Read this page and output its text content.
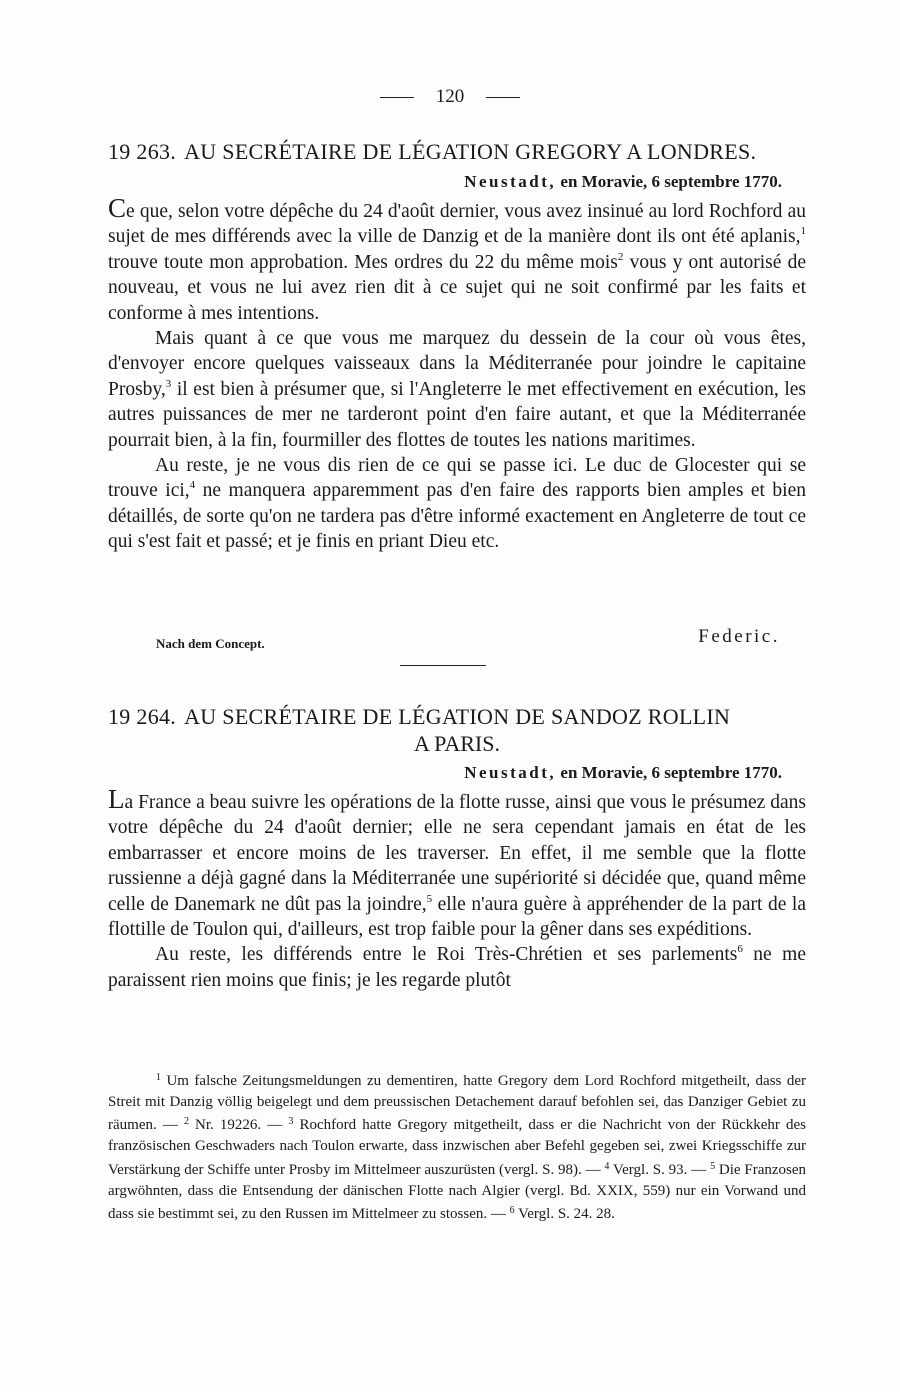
120
19 263. AU SECRÉTAIRE DE LÉGATION GREGORY A LONDRES.
Neustadt, en Moravie, 6 septembre 1770.

Ce que, selon votre dépêche du 24 d'août dernier, vous avez insinué au lord Rochford au sujet de mes différends avec la ville de Danzig et de la manière dont ils ont été aplanis,$^1$ trouve toute mon approbation. Mes ordres du 22 du même mois$^2$ vous y ont autorisé de nouveau, et vous ne lui avez rien dit à ce sujet qui ne soit confirmé par les faits et conforme à mes intentions.

Mais quant à ce que vous me marquez du dessein de la cour où vous êtes, d'envoyer encore quelques vaisseaux dans la Méditerranée pour joindre le capitaine Prosby,$^3$ il est bien à présumer que, si l'Angleterre le met effectivement en exécution, les autres puissances de mer ne tarderont point d'en faire autant, et que la Méditerranée pourrait bien, à la fin, fourmiller des flottes de toutes les nations maritimes.

Au reste, je ne vous dis rien de ce qui se passe ici. Le duc de Glocester qui se trouve ici,$^4$ ne manquera apparemment pas d'en faire des rapports bien amples et bien détaillés, de sorte qu'on ne tardera pas d'être informé exactement en Angleterre de tout ce qui s'est fait et passé; et je finis en priant Dieu etc.

Nach dem Concept.	Federic.
19 264. AU SECRÉTAIRE DE LÉGATION DE SANDOZ ROLLIN
A PARIS.
Neustadt, en Moravie, 6 septembre 1770.

La France a beau suivre les opérations de la flotte russe, ainsi que vous le présumez dans votre dépêche du 24 d'août dernier; elle ne sera cependant jamais en état de les embarrasser et encore moins de les traverser. En effet, il me semble que la flotte russienne a déjà gagné dans la Méditerranée une supériorité si décidée que, quand même celle de Danemark ne dût pas la joindre,$^5$ elle n'aura guère à appréhender de la part de la flottille de Toulon qui, d'ailleurs, est trop faible pour la gêner dans ses expéditions.

Au reste, les différends entre le Roi Très-Chrétien et ses parlements$^6$ ne me paraissent rien moins que finis; je les regarde plutôt

$^1$ Um falsche Zeitungsmeldungen zu dementiren, hatte Gregory dem Lord Rochford mitgetheilt, dass der Streit mit Danzig völlig beigelegt und dem preussischen Detachement darauf befohlen sei, das Danziger Gebiet zu räumen. — $^2$ Nr. 19226. — $^3$ Rochford hatte Gregory mitgetheilt, dass er die Nachricht von der Rückkehr des französischen Geschwaders nach Toulon erwarte, dass inzwischen aber Befehl gegeben sei, zwei Kriegsschiffe zur Verstärkung der Schiffe unter Prosby im Mittelmeer auszurüsten (vergl. S. 98). — $^4$ Vergl. S. 93. — $^5$ Die Franzosen argwöhnten, dass die Entsendung der dänischen Flotte nach Algier (vergl. Bd. XXIX, 559) nur ein Vorwand und dass sie bestimmt sei, zu den Russen im Mittelmeer zu stossen. — $^6$ Vergl. S. 24. 28.
